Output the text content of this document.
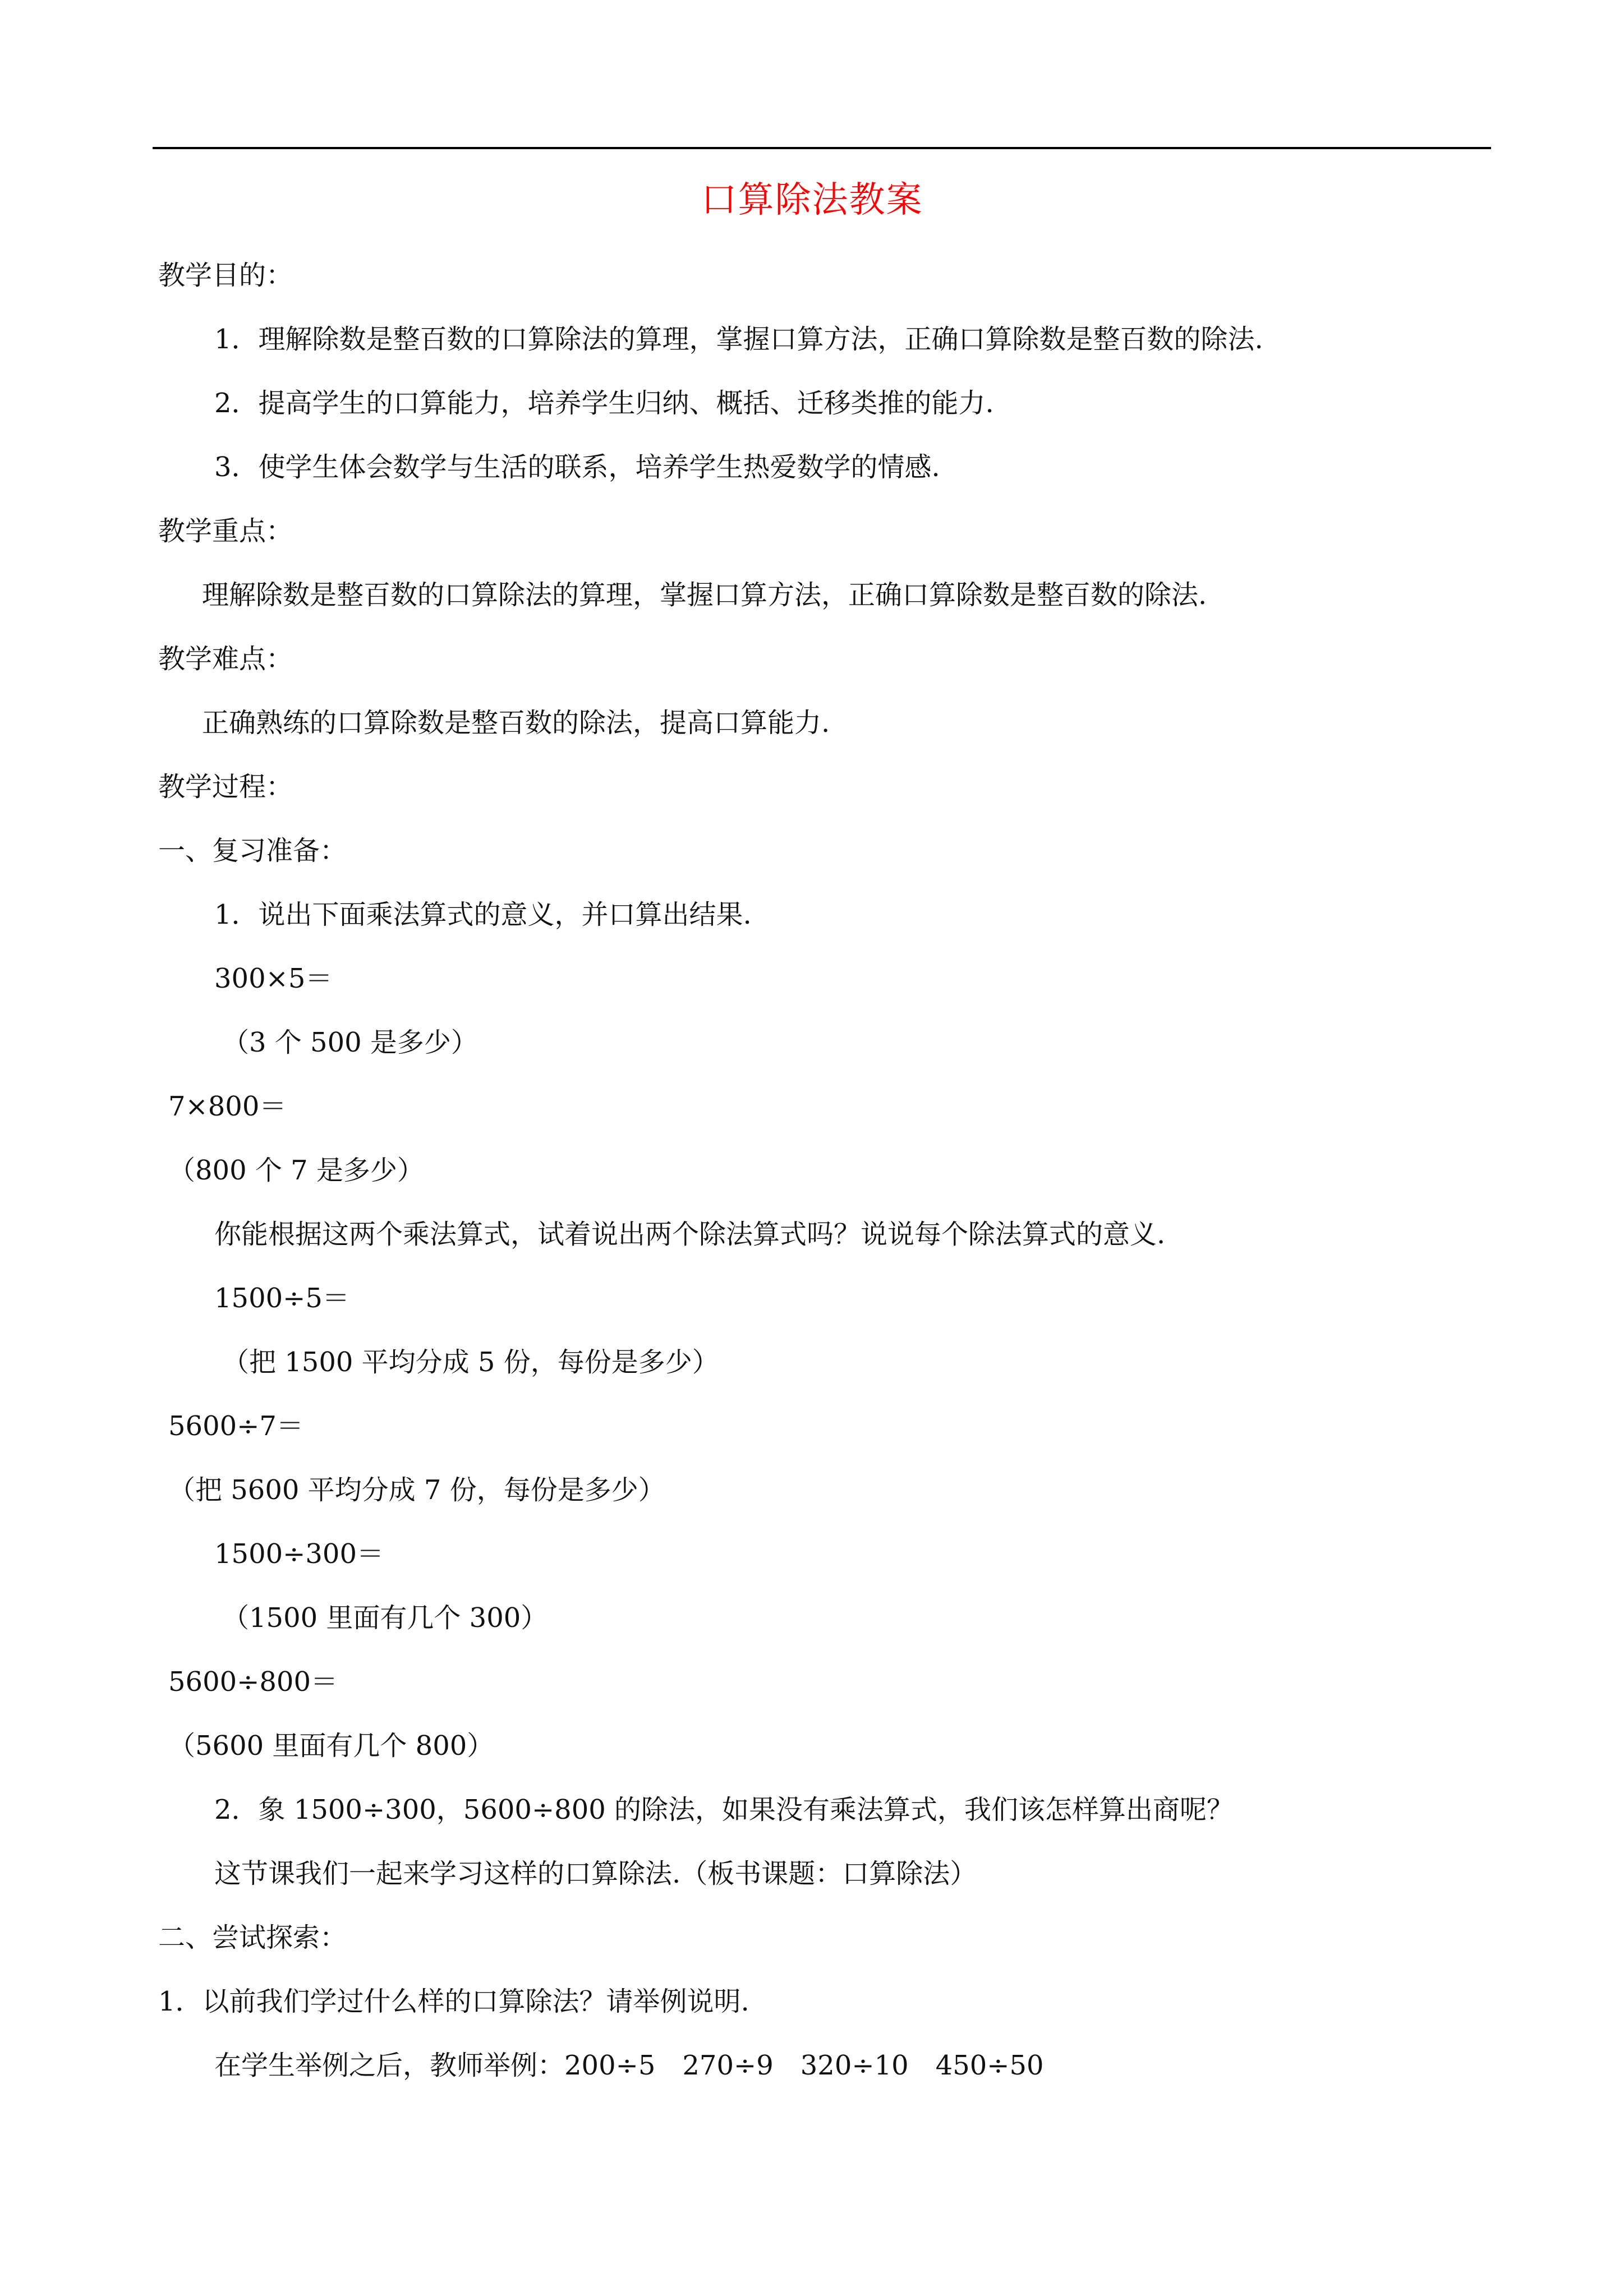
口算除法教案
教学目的：
1．理解除数是整百数的口算除法的算理，掌握口算方法，正确口算除数是整百数的除法.
2．提高学生的口算能力，培养学生归纳、概括、迁移类推的能力.
3．使学生体会数学与生活的联系，培养学生热爱数学的情感.
教学重点：
理解除数是整百数的口算除法的算理，掌握口算方法，正确口算除数是整百数的除法.
教学难点：
正确熟练的口算除数是整百数的除法，提高口算能力.
教学过程：
一、复习准备：
1．说出下面乘法算式的意义，并口算出结果.
300×5＝
（3 个 500 是多少）
7×800＝
（800 个 7 是多少）
你能根据这两个乘法算式，试着说出两个除法算式吗？说说每个除法算式的意义.
1500÷5＝
（把 1500 平均分成 5 份，每份是多少）
5600÷7＝
（把 5600 平均分成 7 份，每份是多少）
1500÷300＝
（1500 里面有几个 300）
5600÷800＝
（5600 里面有几个 800）
2．象 1500÷300，5600÷800 的除法，如果没有乘法算式，我们该怎样算出商呢？
这节课我们一起来学习这样的口算除法.（板书课题：口算除法）
二、尝试探索：
1．以前我们学过什么样的口算除法？请举例说明.
在学生举例之后，教师举例：200÷5　270÷9　320÷10　450÷50
